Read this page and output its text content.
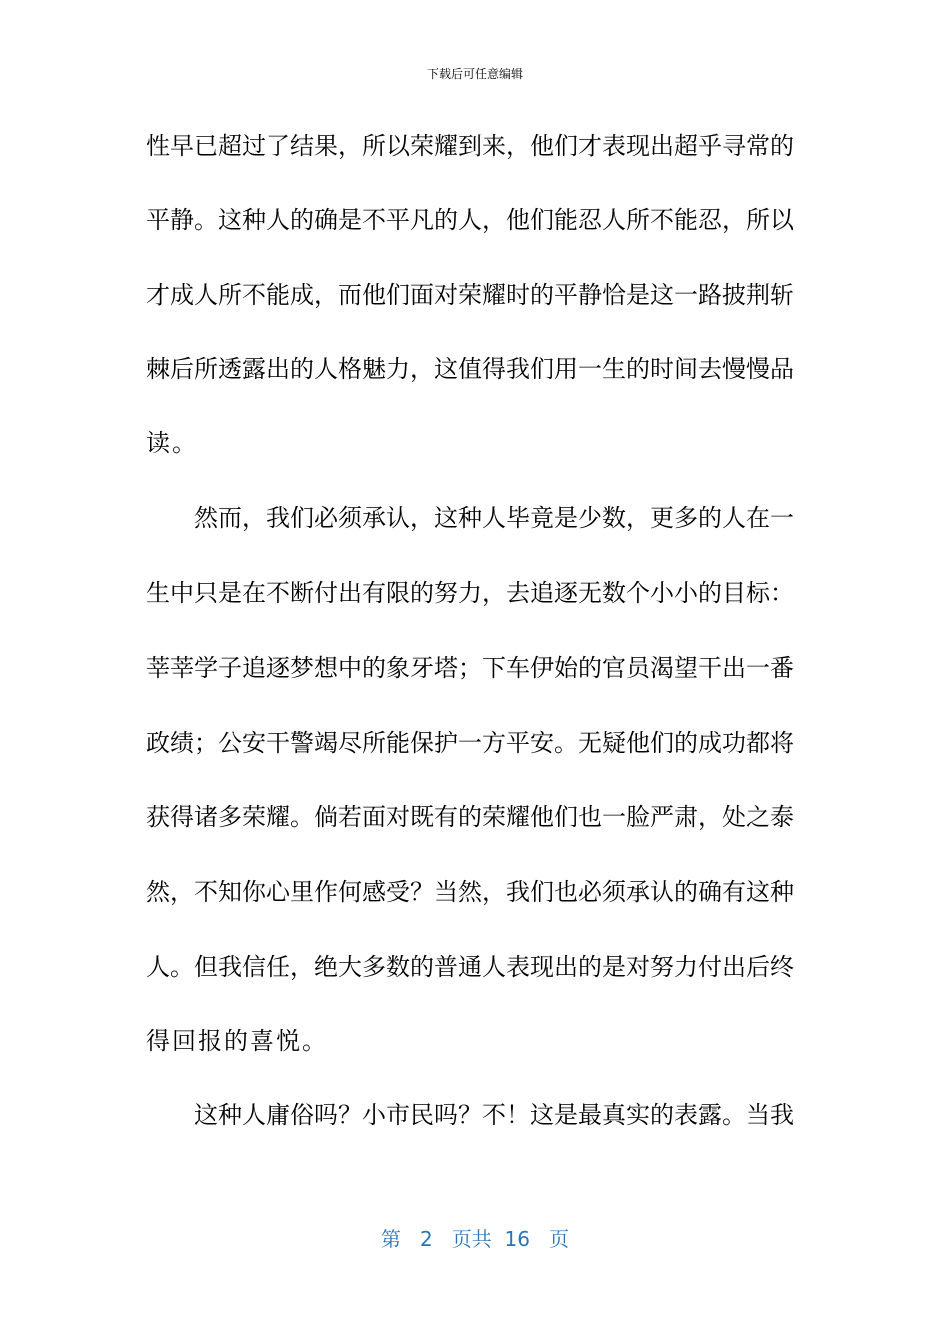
下载后可任意编辑
性早已超过了结果，所以荣耀到来，他们才表现出超乎寻常的
平静。这种人的确是不平凡的人，他们能忍人所不能忍，所以
才成人所不能成，而他们面对荣耀时的平静恰是这一路披荆斩
棘后所透露出的人格魅力，这值得我们用一生的时间去慢慢品
读。
然而，我们必须承认，这种人毕竟是少数，更多的人在一
生中只是在不断付出有限的努力，去追逐无数个小小的目标：
莘莘学子追逐梦想中的象牙塔；下车伊始的官员渴望干出一番
政绩；公安干警竭尽所能保护一方平安。无疑他们的成功都将
获得诸多荣耀。倘若面对既有的荣耀他们也一脸严肃，处之泰
然，不知你心里作何感受？当然，我们也必须承认的确有这种
人。但我信任，绝大多数的普通人表现出的是对努力付出后终
得回报的喜悦。
这种人庸俗吗？小市民吗？不！这是最真实的表露。当我
第 2 页共 16 页
